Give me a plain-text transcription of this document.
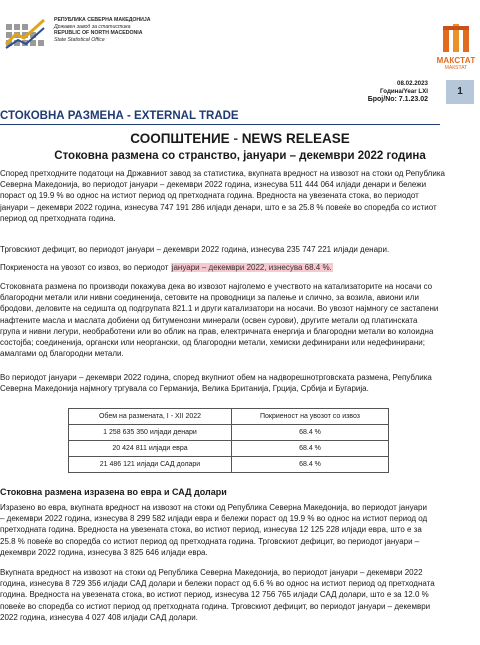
РЕПУБЛИКА СЕВЕРНА МАКЕДОНИЈА
Државен завод за статистика
REPUBLIC OF NORTH MACEDONIA
State Statistical Office
МАКСТАТ
МАКSTAT
08.02.2023
Година/Year LXI
Број/No: 7.1.23.02
1
СТОКОВНА РАЗМЕНА - EXTERNAL TRADE
СООПШТЕНИЕ - NEWS RELEASE
Стоковна размена со странство, јануари – декември 2022 година
Според претходните податоци на Државниот завод за статистика, вкупната вредност на извозот на стоки од Република
Северна Македонија, во периодот јануари – декември 2022 година, изнесува 511 444 064 илјади денари и бележи
пораст од 19.9 % во однос на истиот период од претходната година. Вредноста на увезената стока, во периодот
јануари – декември 2022 година, изнесува 747 191 286 илјади денари, што е за 25.8 % повеќе во споредба со истиот
период од претходната година.
Трговскиот дефицит, во периодот јануари – декември 2022 година, изнесува 235 747 221 илјади денари.
Покриеноста на увозот со извоз, во периодот јануари – декември 2022, изнесува 68.4 %.
Стоковната размена по производи покажува дека во извозот најголемо е учеството на катализаторите на носачи со
благородни метали или нивни соединенија, сетовите на проводници за палење и слично, за возила, авиони или
бродови, деловите на седишта од подгрупата 821.1 и други катализатори на носачи. Во увозот најмногу се застапени
нафтените масла и маслата добиени од битуменозни минерали (освен сурови), другите метали од платинската
група и нивни легури, необработени или во облик на прав, електричната енергија и благородни метали во колоидна
состојба; соединенија, органски или неоргански, од благородни метали, хемиски дефинирани или недефинирани;
амалгами од благородни метали.
Во периодот јануари – декември 2022 година, според вкупниот обем на надворешнотрговската размена, Република
Северна Македонија најмногу тргувала со Германија, Велика Британија, Грција, Србија и Бугарија.
Обем на размената, I - XII 2022	Покриеност на увозот со извоз
1 258 635 350 илјади денари	68.4 %
20 424 811 илјади евра	68.4 %
21 486 121 илјади САД долари	68.4 %
Стоковна размена изразена во евра и САД долари
Изразено во евра, вкупната вредност на извозот на стоки од Република Северна Македонија, во периодот јануари
– декември 2022 година, изнесува 8 299 582 илјади евра и бележи пораст од 19.9 % во однос на истиот период од
претходната година. Вредноста на увезената стока, во истиот период, изнесува 12 125 228 илјади евра, што е за
25.8 % повеќе во споредба со истиот период од претходната година. Трговскиот дефицит, во периодот јануари –
декември 2022 година, изнесува 3 825 646 илјади евра.
Вкупната вредност на извозот на стоки од Република Северна Македонија, во периодот јануари – декември 2022
година, изнесува 8 729 356 илјади САД долари и бележи пораст од 6.6 % во однос на истиот период од претходната
година. Вредноста на увезената стока, во истиот период, изнесува 12 756 765 илјади САД долари, што е за 12.0 %
повеќе во споредба со истиот период од претходната година. Трговскиот дефицит, во периодот јануари – декември
2022 година, изнесува 4 027 408 илјади САД долари.
